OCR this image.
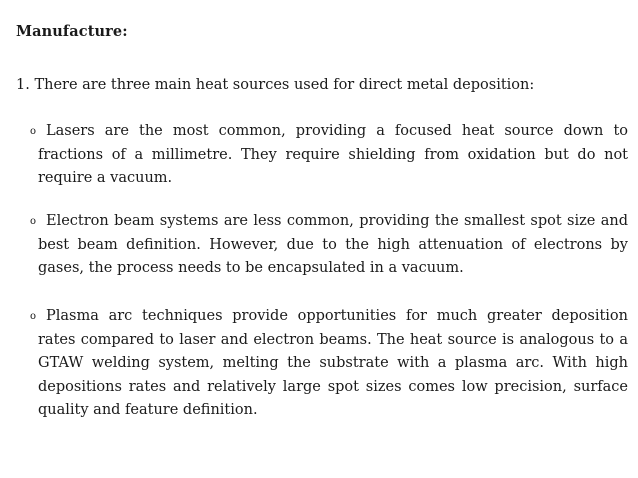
Manufacture:

1. There are three main heat sources used for direct metal deposition:

o Lasers are the most common, providing a focused heat source down to fractions of a millimetre. They require shielding from oxidation but do not require a vacuum.
o Electron beam systems are less common, providing the smallest spot size and best beam definition. However, due to the high attenuation of electrons by gases, the process needs to be encapsulated in a vacuum.
o Plasma arc techniques provide opportunities for much greater deposition rates compared to laser and electron beams. The heat source is analogous to a GTAW welding system, melting the substrate with a plasma arc. With high depositions rates and relatively large spot sizes comes low precision, surface quality and feature definition.
